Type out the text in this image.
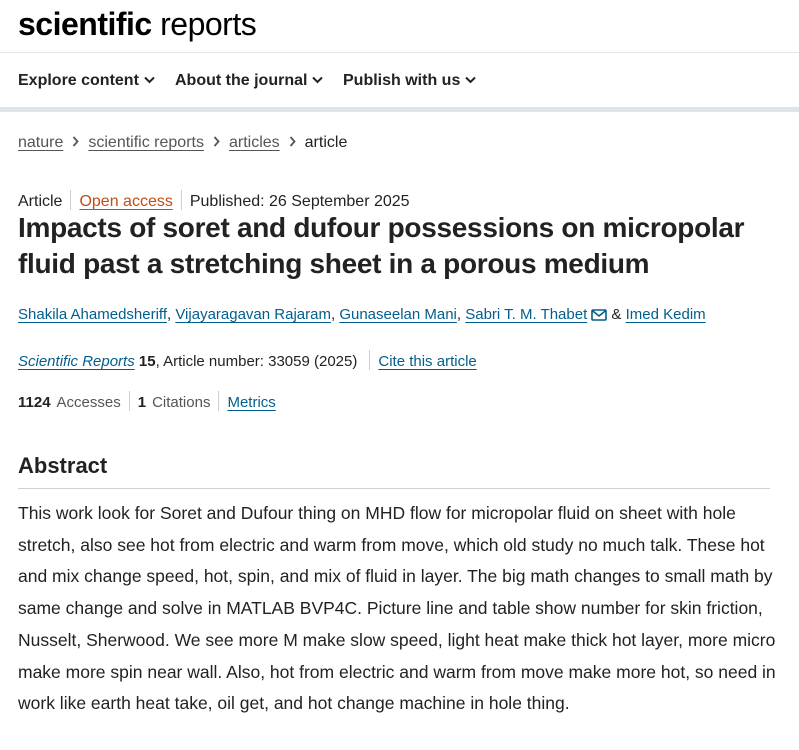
scientific reports
Explore content	About the journal	Publish with us
nature scientific reports articles article
Article Open access Published: 26 September 2025
Impacts of soret and dufour possessions on micropolar fluid past a stretching sheet in a porous medium
Shakila Ahamedsheriff, Vijayaragavan Rajaram, Gunaseelan Mani, Sabri T. M. Thabet & Imed Kedim
Scientific Reports 15, Article number: 33059 (2025) Cite this article
1124 Accesses 1 Citations Metrics
Abstract

This work look for Soret and Dufour thing on MHD flow for micropolar fluid on sheet with hole stretch, also see hot from electric and warm from move, which old study no much talk. These hot and mix change speed, hot, spin, and mix of fluid in layer. The big math changes to small math by same change and solve in MATLAB BVP4C. Picture line and table show number for skin friction, Nusselt, Sherwood. We see more M make slow speed, light heat make thick hot layer, more micro make more spin near wall. Also, hot from electric and warm from move make more hot, so need in work like earth heat take, oil get, and hot change machine in hole thing.
